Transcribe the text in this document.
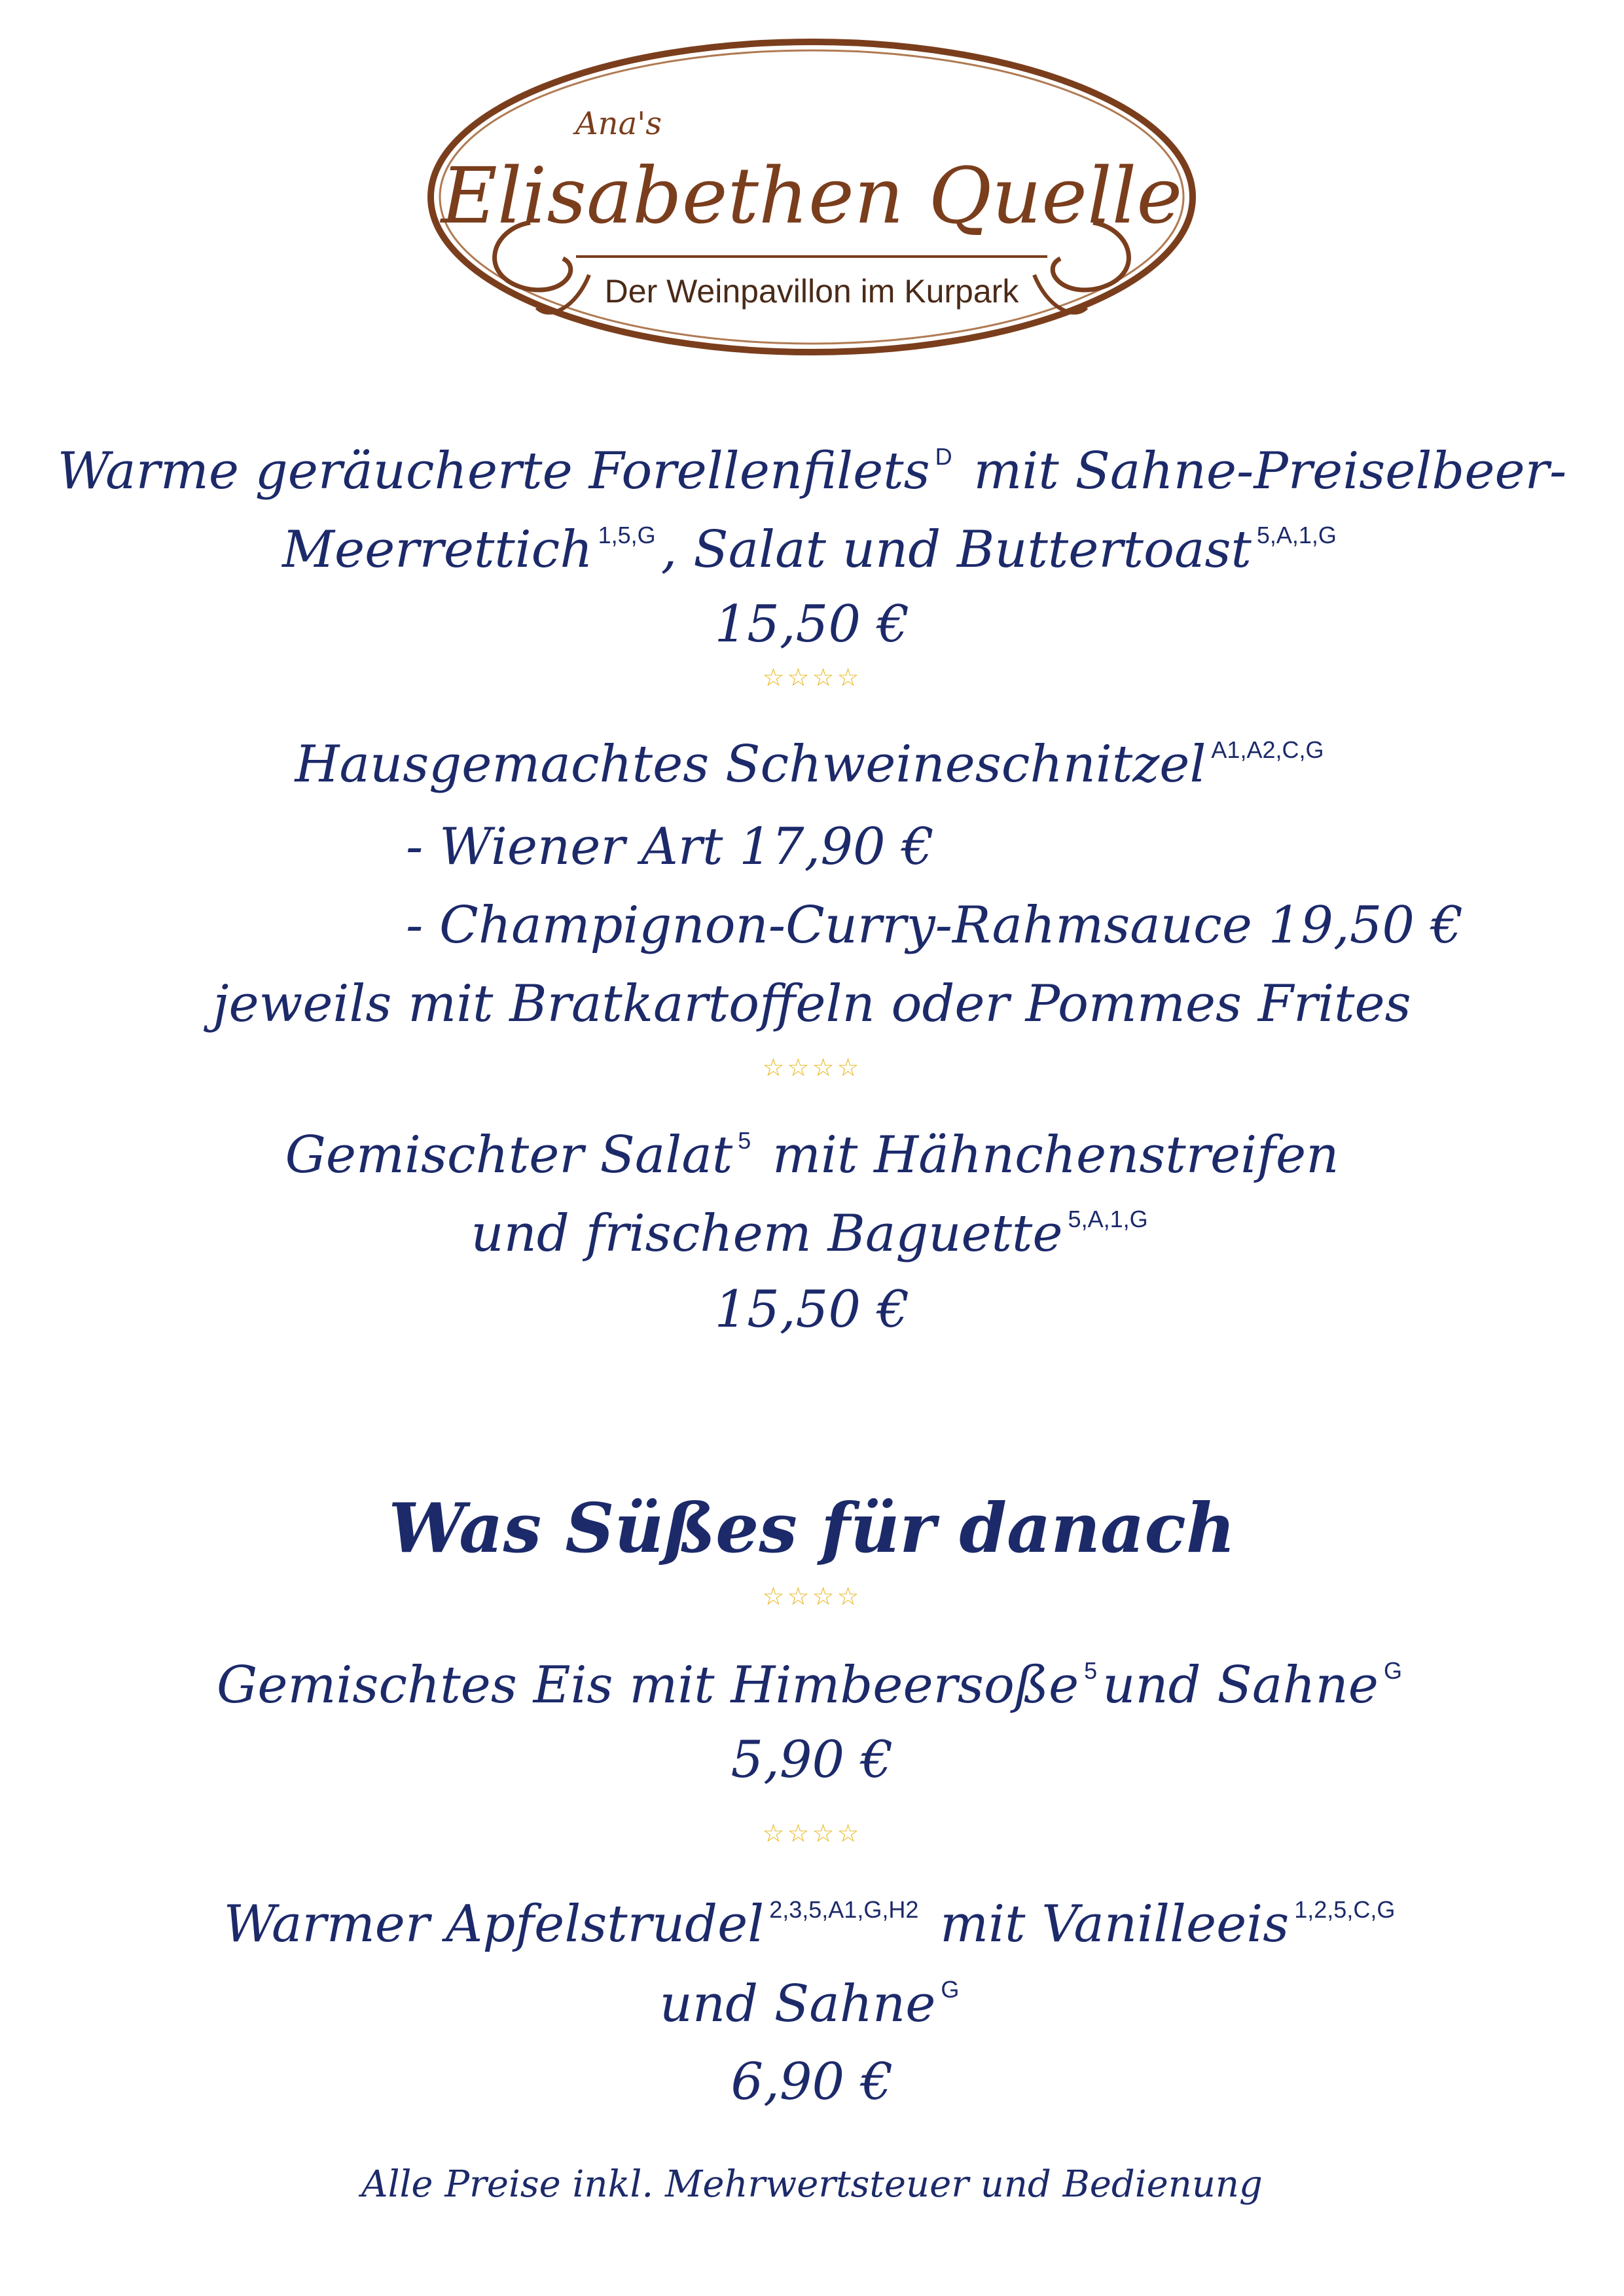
Ana's
Elisabethen Quelle
Der Weinpavillon im Kurpark
Warme geräucherte Forellenfilets $^D$ mit Sahne-Preiselbeer-
Meerrettich $^{1,5,G}$ , Salat und Buttertoast $^{5,A,1,G}$
15,50 €
☆☆☆☆
Hausgemachtes Schweineschnitzel $^{A1,A2,C,G}$
- Wiener Art 17,90 €
- Champignon-Curry-Rahmsauce 19,50 €
jeweils mit Bratkartoffeln oder Pommes Frites
☆☆☆☆
Gemischter Salat $^5$ mit Hähnchenstreifen
und frischem Baguette $^{5,A,1,G}$
15,50 €
Was Süßes für danach
☆☆☆☆
Gemischtes Eis mit Himbeersoße $^5$ und Sahne $^G$
5,90 €
☆☆☆☆
Warmer Apfelstrudel $^{2,3,5,A1,G,H2}$ mit Vanilleeis $^{1,2,5,C,G}$
und Sahne $^G$
6,90 €
Alle Preise inkl. Mehrwertsteuer und Bedienung
